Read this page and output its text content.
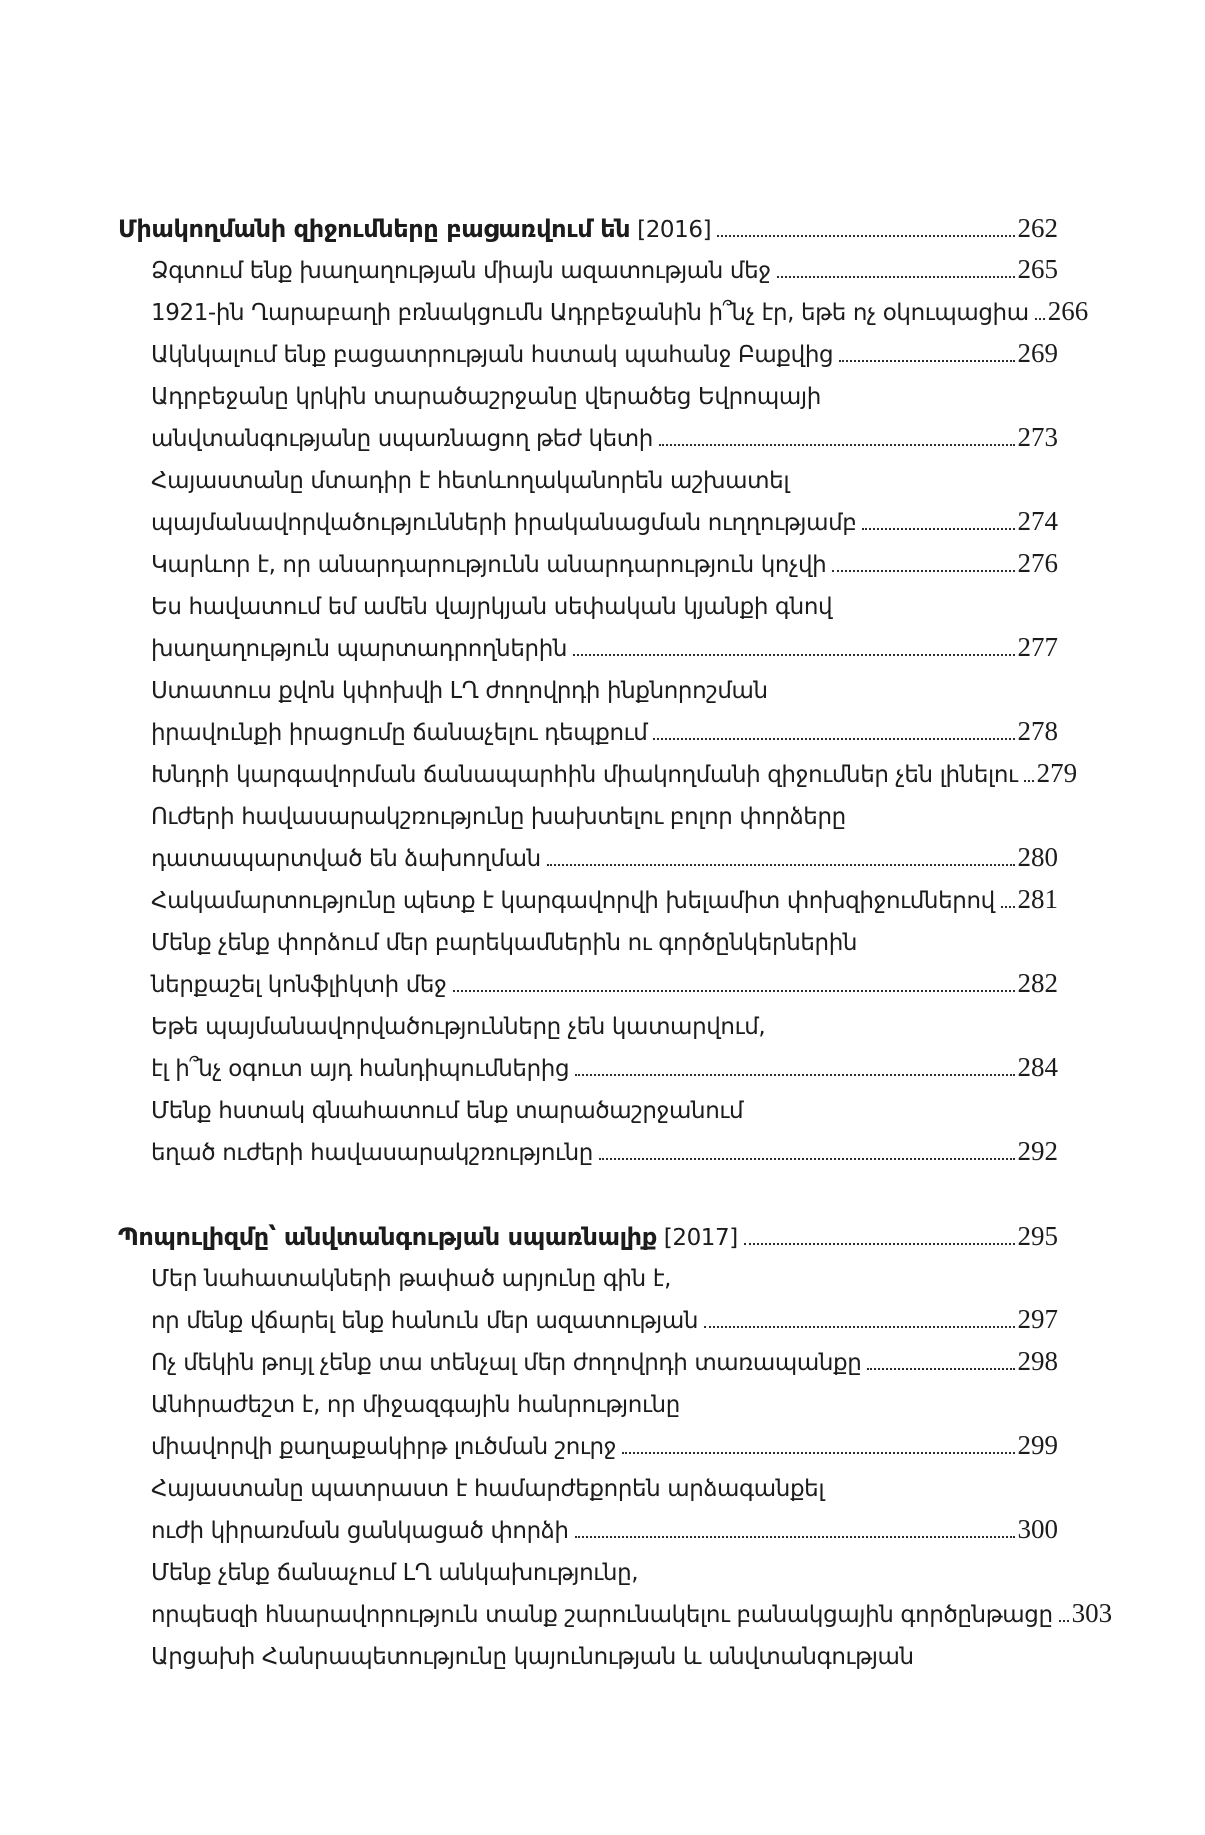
Միակողմանի զիջումները բացառվում են [2016]	262
Ձգտում ենք խաղաղության միայն ազատության մեջ	265
1921-ին Ղարաբաղի բռնակցումն Ադրբեջանին ի՞նչ էր, եթե ոչ օկուպացիա 266
Ակնկալում ենք բացատրության հստակ պահանջ Բաքվից	269
Ադրբեջանը կրկին տարածաշրջանը վերածեց Եվրոպայի
անվտանգությանը սպառնացող թեժ կետի	273
Հայաստանը մտադիր է հետևողականորեն աշխատել
պայմանավորվածությունների իրականացման ուղղությամբ	274
Կարևոր է, որ անարդարությունն անարդարություն կոչվի	276
Ես հավատում եմ ամեն վայրկյան սեփական կյանքի գնով
խաղաղություն պարտադրողներին	277
Ստատուս քվոն կփոխվի ԼՂ ժողովրդի ինքնորոշման
իրավունքի իրացումը ճանաչելու դեպքում	278
Խնդրի կարգավորման ճանապարհին միակողմանի զիջումներ չեն լինելու 279
Ուժերի հավասարակշռությունը խախտելու բոլոր փորձերը
դատապարտված են ձախողման	280
Հակամարտությունը պետք է կարգավորվի խելամիտ փոխզիջումներով 281
Մենք չենք փորձում մեր բարեկամներին ու գործընկերներին
ներքաշել կոնֆլիկտի մեջ	282
Եթե պայմանավորվածությունները չեն կատարվում,
էլ ի՞նչ օգուտ այդ հանդիպումներից	284
Մենք հստակ գնահատում ենք տարածաշրջանում
եղած ուժերի հավասարակշռությունը	292
Պոպուլիզմը՝ անվտանգության սպառնալիք [2017]	295
Մեր նահատակների թափած արյունը գին է,
որ մենք վճարել ենք հանուն մեր ազատության	297
Ոչ մեկին թույլ չենք տա տենչալ մեր ժողովրդի տառապանքը	298
Անհրաժեշտ է, որ միջազգային հանրությունը
միավորվի քաղաքակիրթ լուծման շուրջ	299
Հայաստանը պատրաստ է համարժեքորեն արձագանքել
ուժի կիրառման ցանկացած փորձի	300
Մենք չենք ճանաչում ԼՂ անկախությունը,
որպեսզի հնարավորություն տանք շարունակելու բանակցային գործընթացը 303
Արցախի Հանրապետությունը կայունության և անվտանգության
